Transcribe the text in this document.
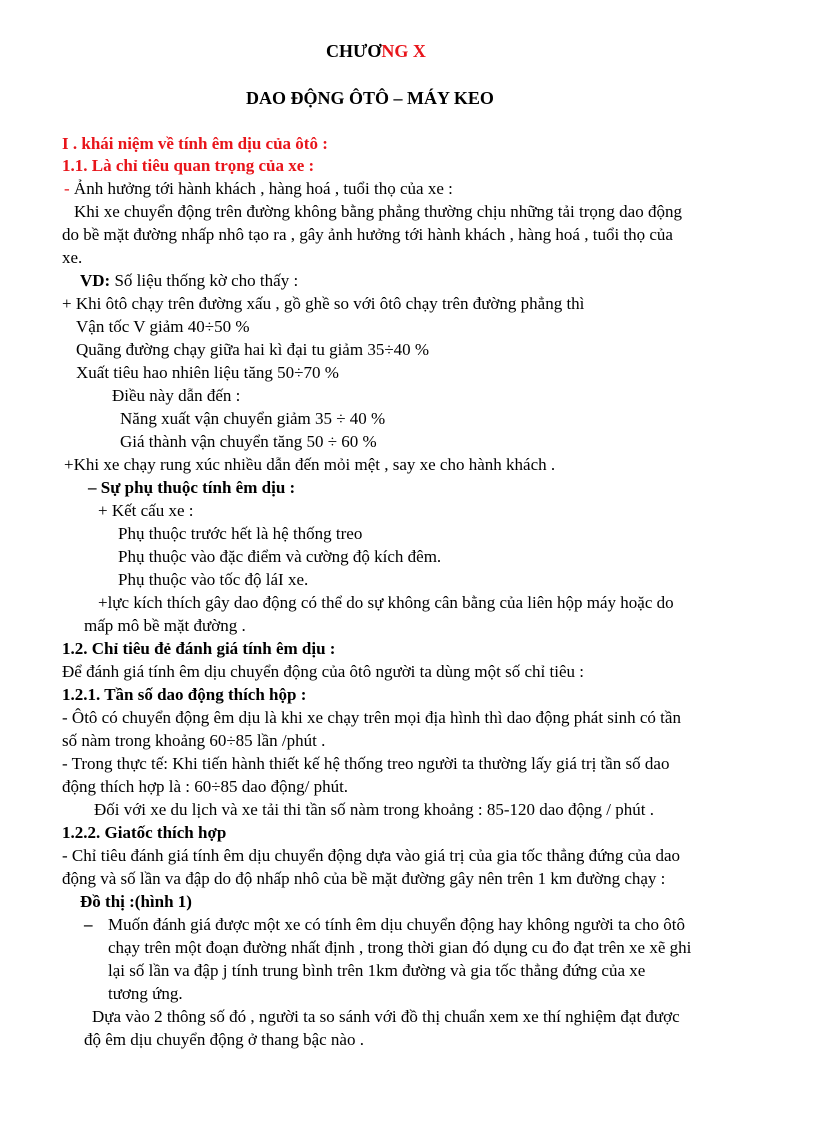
CHƯƠNG X
DAO ĐỘNG ÔTÔ – MÁY KEO
I . khái niệm về tính êm dịu của ôtô :
1.1. Là chỉ tiêu quan trọng của xe :
- Ảnh hưởng tới hành khách , hàng hoá , tuổi thọ của xe :
Khi xe chuyển động trên đường không bằng phẳng thường chịu những tải trọng dao động
do bề mặt đường nhấp nhô tạo ra , gây ảnh hưởng tới hành khách , hàng hoá , tuổi thọ của
xe.
VD: Số liệu thống kờ cho thấy :
+ Khi ôtô chạy trên đường xấu , gồ ghề so với ôtô chạy trên đường phẳng thì
Vận tốc V giảm 40÷50 %
Quãng đường chạy giữa hai kì đại tu giảm 35÷40 %
Xuất tiêu hao nhiên liệu tăng 50÷70 %
Điều này dẫn đến :
Năng xuất vận chuyển giảm 35 ÷ 40 %
Giá thành vận chuyển tăng 50 ÷ 60 %
+Khi xe chạy rung xúc nhiều dẫn đến mỏi mệt , say xe cho hành khách .
– Sự phụ thuộc tính êm dịu :
+ Kết cấu xe :
Phụ thuộc trước hết là hệ thống treo
Phụ thuộc vào đặc điểm và cường độ kích đêm.
Phụ thuộc vào tốc độ láI xe.
+lực kích thích gây dao động có thể do sự không cân bằng của liên hộp máy hoặc do
mấp mô bề mặt đường .
1.2. Chỉ tiêu đẻ đánh giá tính êm dịu :
Để đánh giá tính êm dịu chuyển động của ôtô người ta dùng một số chỉ tiêu :
1.2.1. Tần số dao động thích hộp :
- Ôtô có chuyển động êm dịu là khi xe chạy trên mọi địa hình thì dao động phát sinh có tần
số nàm trong khoảng 60÷85 lần /phút .
- Trong thực tế: Khi tiến hành thiết kế hệ thống treo người ta thường lấy giá trị tần số dao
động thích hợp là : 60÷85 dao động/ phút.
Đối với xe du lịch và xe tải thi tần số nàm trong khoảng : 85-120 dao động / phút .
1.2.2. Giatốc thích hợp
- Chỉ tiêu đánh giá tính êm dịu chuyển động dựa vào giá trị của gia tốc thẳng đứng của dao
động và số lần va đập do độ nhấp nhô của bề mặt đường gây nên trên 1 km đường chạy :
Đồ thị :(hình 1)
– Muốn đánh giá được một xe có tính êm dịu chuyển động hay không người ta cho ôtô
chạy trên một đoạn đường nhất định , trong thời gian đó dụng cu đo đạt trên xe xẽ ghi
lại số lần va đập j tính trung bình trên 1km đường và gia tốc thẳng đứng của xe
tương ứng.
Dựa vào 2 thông số đó , người ta so sánh với đồ thị chuẩn xem xe thí nghiệm đạt được
độ êm dịu chuyển động ở thang bậc nào .
